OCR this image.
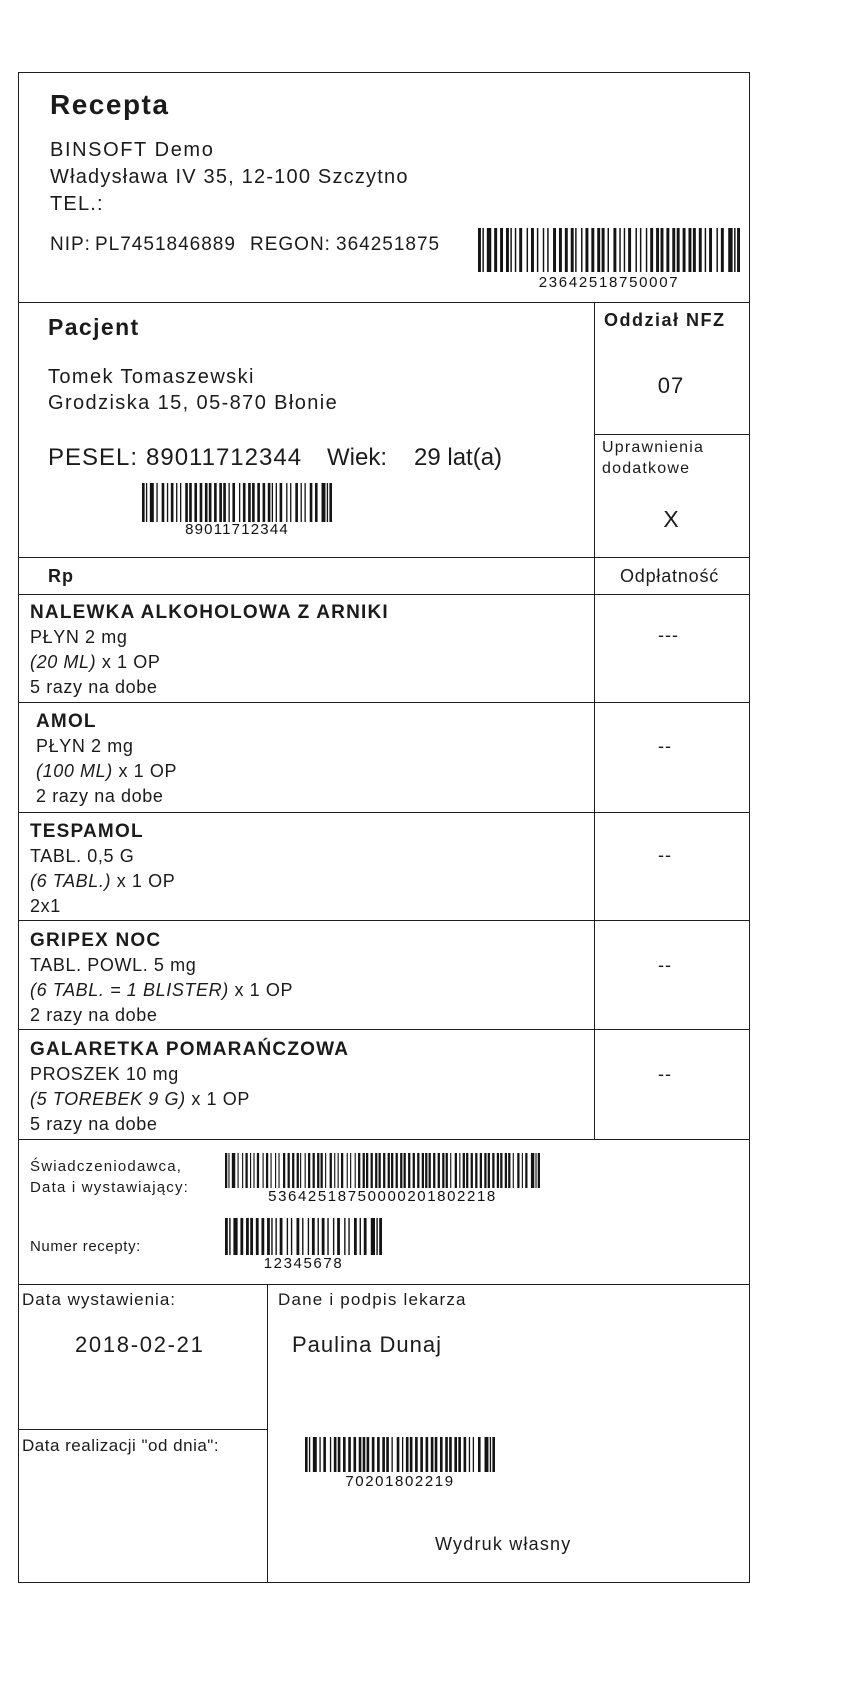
Recepta
BINSOFT Demo
Władysława IV 35, 12-100 Szczytno
TEL.:
NIP: PL7451846889 REGON: 364251875
23642518750007
Pacjent
Tomek Tomaszewski
Grodziska 15, 05-870 Błonie
PESEL: 89011712344 Wiek: 29 lat(a)
89011712344
Oddział NFZ
07
Uprawnienia
dodatkowe
X
Rp	Odpłatność
NALEWKA ALKOHOLOWA Z ARNIKI
PŁYN 2 mg
(20 ML) x 1 OP
5 razy na dobe
---
AMOL
PŁYN 2 mg
(100 ML) x 1 OP
2 razy na dobe
--
TESPAMOL
TABL. 0,5 G
(6 TABL.) x 1 OP
2x1
--
GRIPEX NOC
TABL. POWL. 5 mg
(6 TABL. = 1 BLISTER) x 1 OP
2 razy na dobe
--
GALARETKA POMARAŃCZOWA
PROSZEK 10 mg
(5 TOREBEK 9 G) x 1 OP
5 razy na dobe
--
Świadczeniodawca,
Data i wystawiający:
53642518750000201802218
Numer recepty:
12345678
Data wystawienia:
2018-02-21
Data realizacji "od dnia":
Dane i podpis lekarza
Paulina Dunaj
70201802219
Wydruk własny
